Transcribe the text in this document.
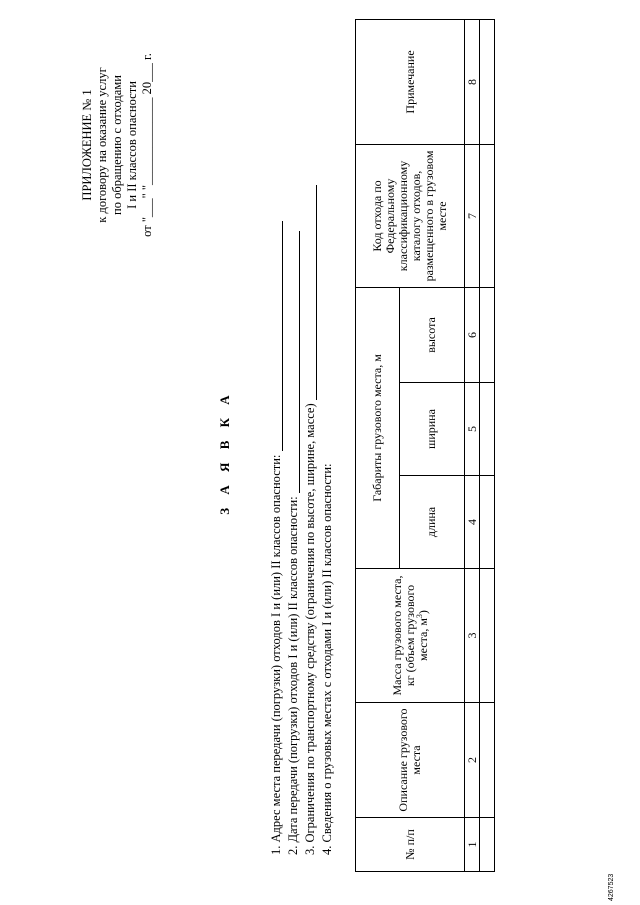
ПРИЛОЖЕНИЕ № 1 к договору на оказание услуг по обращению с отходами I и II классов опасности от "___" "______________ 20___ г.
З А Я В К А
1. Адрес места передачи (погрузки) отходов I и (или) II классов опасности: 2. Дата передачи (погрузки) отходов I и (или) II классов опасности: 3. Ограничения по транспортному средству (ограничения по высоте, ширине, массе) 4. Сведения о грузовых местах с отходами I и (или) II классов опасности:	№ п/п	Описание грузового места	Масса грузового места, кг (объем грузового места, $м^3$)	Габариты грузового места, м			Код отхода по Федеральному классификационному каталогу отходов, размещенного в грузовом месте	Примечание
			длина	ширина	высота		
1	2	3	4	5	6	7	8

4267523
